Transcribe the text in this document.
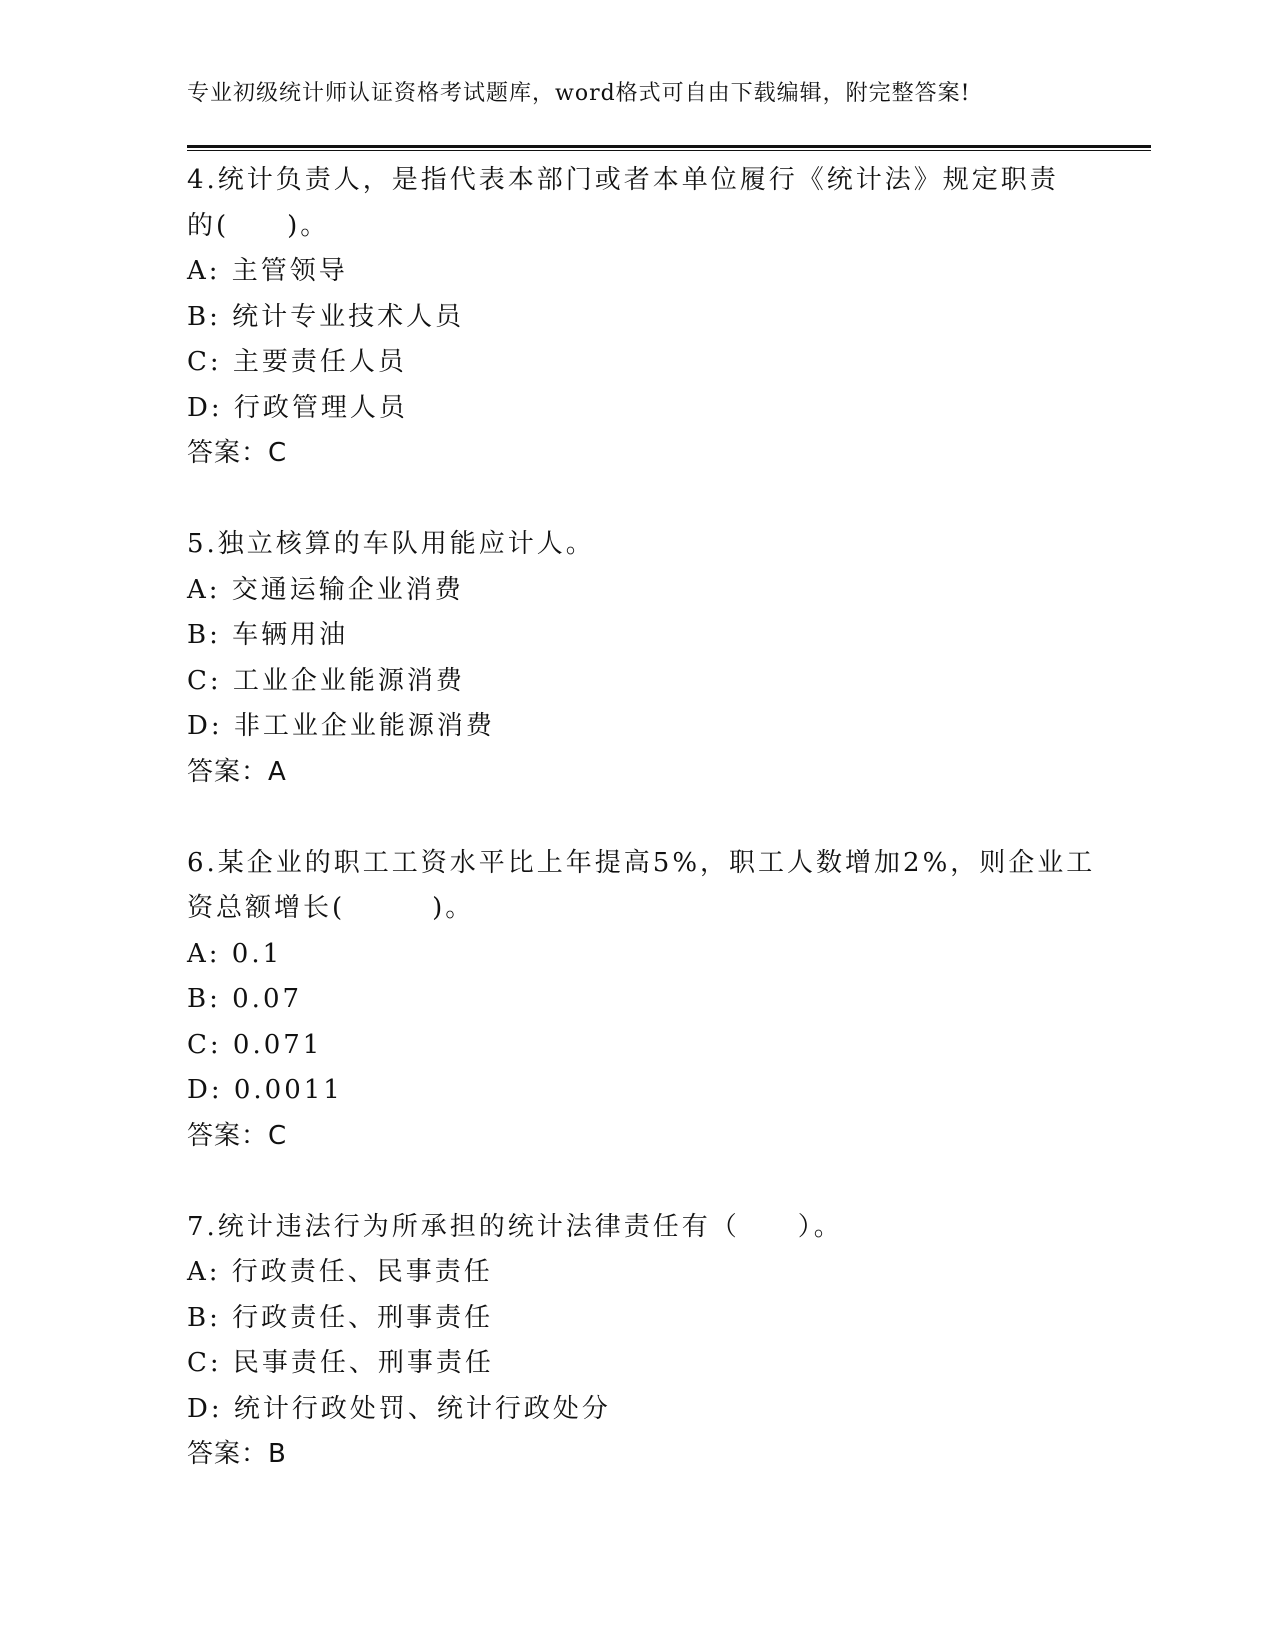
专业初级统计师认证资格考试题库，word格式可自由下载编辑，附完整答案!
4.统计负责人，是指代表本部门或者本单位履行《统计法》规定职责
的(　　)。
A: 主管领导
B: 统计专业技术人员
C: 主要责任人员
D: 行政管理人员
答案：C
5.独立核算的车队用能应计人。
A: 交通运输企业消费
B: 车辆用油
C: 工业企业能源消费
D: 非工业企业能源消费
答案：A
6.某企业的职工工资水平比上年提高5%，职工人数增加2%，则企业工
资总额增长(　　　)。
A: 0.1
B: 0.07
C: 0.071
D: 0.0011
答案：C
7.统计违法行为所承担的统计法律责任有（　　）。
A: 行政责任、民事责任
B: 行政责任、刑事责任
C: 民事责任、刑事责任
D: 统计行政处罚、统计行政处分
答案：B
